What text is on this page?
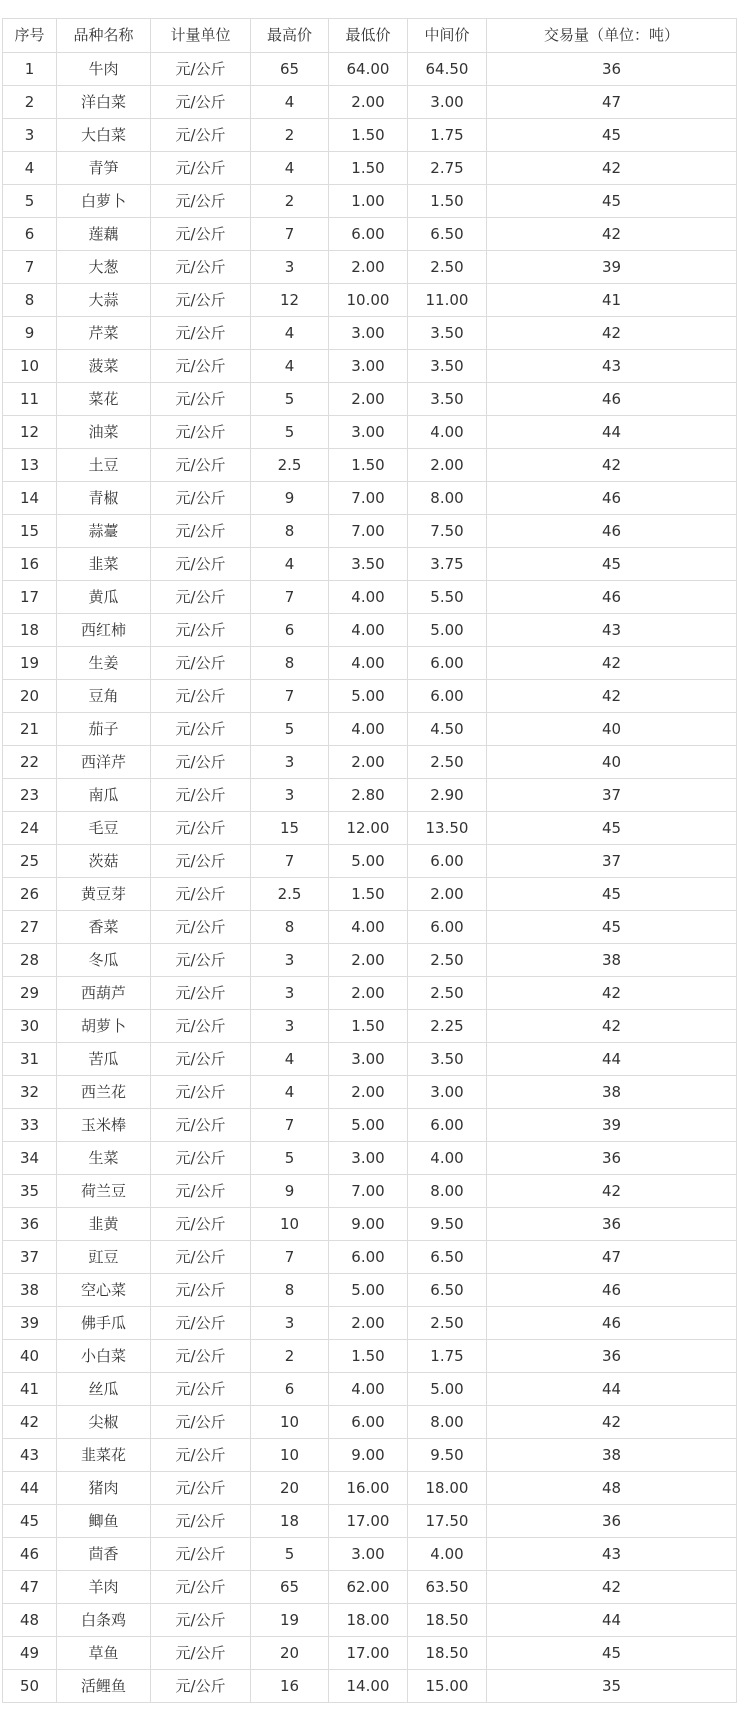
序号	品种名称	计量单位	最高价	最低价	中间价	交易量（单位：吨）
1	牛肉	元/公斤	65	64.00	64.50	36
2	洋白菜	元/公斤	4	2.00	3.00	47
3	大白菜	元/公斤	2	1.50	1.75	45
4	青笋	元/公斤	4	1.50	2.75	42
5	白萝卜	元/公斤	2	1.00	1.50	45
6	莲藕	元/公斤	7	6.00	6.50	42
7	大葱	元/公斤	3	2.00	2.50	39
8	大蒜	元/公斤	12	10.00	11.00	41
9	芹菜	元/公斤	4	3.00	3.50	42
10	菠菜	元/公斤	4	3.00	3.50	43
11	菜花	元/公斤	5	2.00	3.50	46
12	油菜	元/公斤	5	3.00	4.00	44
13	土豆	元/公斤	2.5	1.50	2.00	42
14	青椒	元/公斤	9	7.00	8.00	46
15	蒜薹	元/公斤	8	7.00	7.50	46
16	韭菜	元/公斤	4	3.50	3.75	45
17	黄瓜	元/公斤	7	4.00	5.50	46
18	西红柿	元/公斤	6	4.00	5.00	43
19	生姜	元/公斤	8	4.00	6.00	42
20	豆角	元/公斤	7	5.00	6.00	42
21	茄子	元/公斤	5	4.00	4.50	40
22	西洋芹	元/公斤	3	2.00	2.50	40
23	南瓜	元/公斤	3	2.80	2.90	37
24	毛豆	元/公斤	15	12.00	13.50	45
25	茨菇	元/公斤	7	5.00	6.00	37
26	黄豆芽	元/公斤	2.5	1.50	2.00	45
27	香菜	元/公斤	8	4.00	6.00	45
28	冬瓜	元/公斤	3	2.00	2.50	38
29	西葫芦	元/公斤	3	2.00	2.50	42
30	胡萝卜	元/公斤	3	1.50	2.25	42
31	苦瓜	元/公斤	4	3.00	3.50	44
32	西兰花	元/公斤	4	2.00	3.00	38
33	玉米棒	元/公斤	7	5.00	6.00	39
34	生菜	元/公斤	5	3.00	4.00	36
35	荷兰豆	元/公斤	9	7.00	8.00	42
36	韭黄	元/公斤	10	9.00	9.50	36
37	豇豆	元/公斤	7	6.00	6.50	47
38	空心菜	元/公斤	8	5.00	6.50	46
39	佛手瓜	元/公斤	3	2.00	2.50	46
40	小白菜	元/公斤	2	1.50	1.75	36
41	丝瓜	元/公斤	6	4.00	5.00	44
42	尖椒	元/公斤	10	6.00	8.00	42
43	韭菜花	元/公斤	10	9.00	9.50	38
44	猪肉	元/公斤	20	16.00	18.00	48
45	鲫鱼	元/公斤	18	17.00	17.50	36
46	茴香	元/公斤	5	3.00	4.00	43
47	羊肉	元/公斤	65	62.00	63.50	42
48	白条鸡	元/公斤	19	18.00	18.50	44
49	草鱼	元/公斤	20	17.00	18.50	45
50	活鲤鱼	元/公斤	16	14.00	15.00	35
